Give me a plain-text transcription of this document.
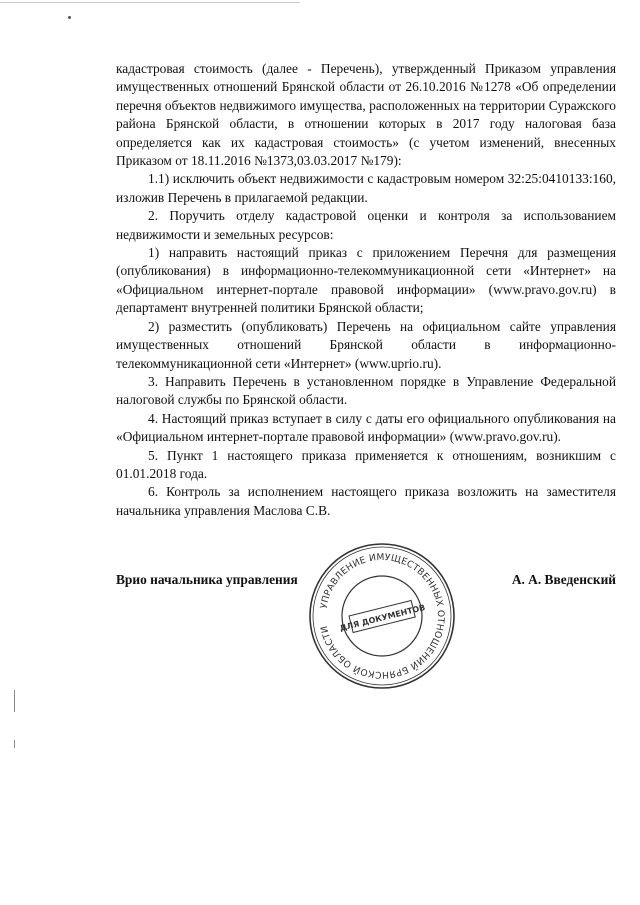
кадастровая стоимость (далее - Перечень), утвержденный Приказом управления имущественных отношений Брянской области от 26.10.2016 №1278 «Об определении перечня объектов недвижимого имущества, расположенных на территории Суражского района Брянской области, в отношении которых в 2017 году налоговая база определяется как их кадастровая стоимость» (с учетом изменений, внесенных Приказом от 18.11.2016 №1373,03.03.2017 №179):

1.1) исключить объект недвижимости с кадастровым номером 32:25:0410133:160, изложив Перечень в прилагаемой редакции.

2. Поручить отделу кадастровой оценки и контроля за использованием недвижимости и земельных ресурсов:

1) направить настоящий приказ с приложением Перечня для размещения (опубликования) в информационно-телекоммуникационной сети «Интернет» на «Официальном интернет-портале правовой информации» (www.pravo.gov.ru) в департамент внутренней политики Брянской области;

2) разместить (опубликовать) Перечень на официальном сайте управления имущественных отношений Брянской области в информационно-телекоммуникационной сети «Интернет» (www.uprio.ru).

3. Направить Перечень в установленном порядке в Управление Федеральной налоговой службы по Брянской области.

4. Настоящий приказ вступает в силу с даты его официального опубликования на «Официальном интернет-портале правовой информации» (www.pravo.gov.ru).

5. Пункт 1 настоящего приказа применяется к отношениям, возникшим с 01.01.2018 года.

6. Контроль за исполнением настоящего приказа возложить на заместителя начальника управления Маслова С.В.

Врио начальника управления	А. А. Введенский
УПРАВЛЕНИЕ ИМУЩЕСТВЕННЫХ ОТНОШЕНИЙ БРЯНСКОЙ ОБЛАСТИ ДЛЯ ДОКУМЕНТОВ
